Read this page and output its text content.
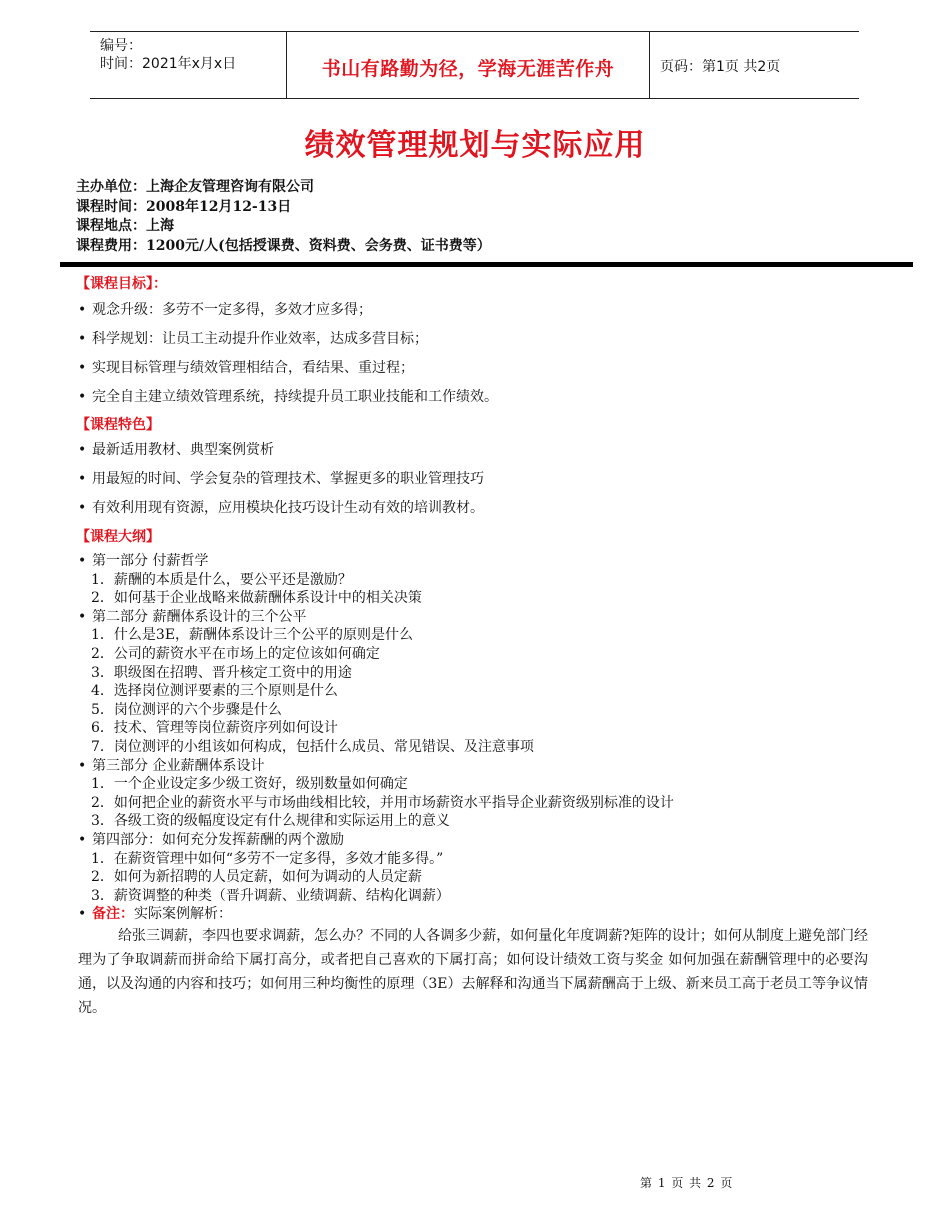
编号：
时间：2021年x月x日	书山有路勤为径，学海无涯苦作舟	页码：第1页 共2页
绩效管理规划与实际应用
主办单位：上海企友管理咨询有限公司
课程时间：2008年12月12-13日
课程地点：上海
课程费用：1200元/人(包括授课费、资料费、会务费、证书费等）
【课程目标】：
• 观念升级：多劳不一定多得，多效才应多得；
• 科学规划：让员工主动提升作业效率，达成多营目标；
• 实现目标管理与绩效管理相结合，看结果、重过程；
• 完全自主建立绩效管理系统，持续提升员工职业技能和工作绩效。
【课程特色】
• 最新适用教材、典型案例赏析
• 用最短的时间、学会复杂的管理技术、掌握更多的职业管理技巧
• 有效利用现有资源，应用模块化技巧设计生动有效的培训教材。
【课程大纲】
• 第一部分 付薪哲学
1．薪酬的本质是什么，要公平还是激励？
2．如何基于企业战略来做薪酬体系设计中的相关决策
• 第二部分 薪酬体系设计的三个公平
1．什么是3E，薪酬体系设计三个公平的原则是什么
2．公司的薪资水平在市场上的定位该如何确定
3．职级图在招聘、晋升核定工资中的用途
4．选择岗位测评要素的三个原则是什么
5．岗位测评的六个步骤是什么
6．技术、管理等岗位薪资序列如何设计
7．岗位测评的小组该如何构成，包括什么成员、常见错误、及注意事项
• 第三部分 企业薪酬体系设计
1．一个企业设定多少级工资好，级别数量如何确定
2．如何把企业的薪资水平与市场曲线相比较，并用市场薪资水平指导企业薪资级别标准的设计
3．各级工资的级幅度设定有什么规律和实际运用上的意义
• 第四部分：如何充分发挥薪酬的两个激励
1．在薪资管理中如何“多劳不一定多得，多效才能多得。”
2．如何为新招聘的人员定薪，如何为调动的人员定薪
3．薪资调整的种类（晋升调薪、业绩调薪、结构化调薪）
• 备注：实际案例解析：
给张三调薪，李四也要求调薪，怎么办？不同的人各调多少薪，如何量化年度调薪?矩阵的设计；如何从制度上避免部门经理为了争取调薪而拼命给下属打高分，或者把自己喜欢的下属打高；如何设计绩效工资与奖金 如何加强在薪酬管理中的必要沟通，以及沟通的内容和技巧；如何用三种均衡性的原理（3E）去解释和沟通当下属薪酬高于上级、新来员工高于老员工等争议情况。
第 1 页 共 2 页
